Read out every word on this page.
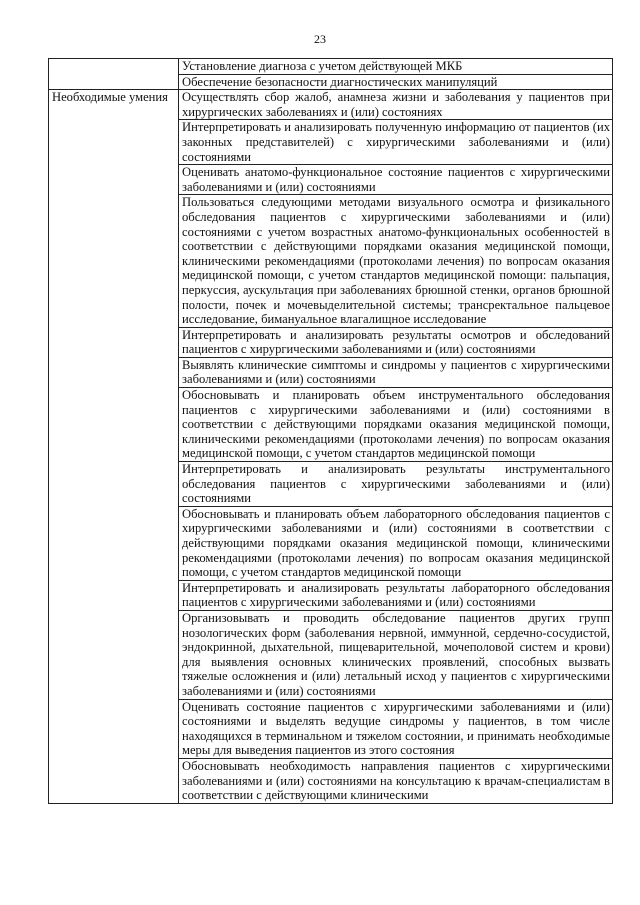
23
	Установление диагноза с учетом действующей МКБ
	Обеспечение безопасности диагностических манипуляций
Необходимые умения	Осуществлять сбор жалоб, анамнеза жизни и заболевания у пациентов при хирургических заболеваниях и (или) состояниях
	Интерпретировать и анализировать полученную информацию от пациентов (их законных представителей) с хирургическими заболеваниями и (или) состояниями
	Оценивать анатомо-функциональное состояние пациентов с хирургическими заболеваниями и (или) состояниями
	Пользоваться следующими методами визуального осмотра и физикального обследования пациентов с хирургическими заболеваниями и (или) состояниями с учетом возрастных анатомо-функциональных особенностей в соответствии с действующими порядками оказания медицинской помощи, клиническими рекомендациями (протоколами лечения) по вопросам оказания медицинской помощи, с учетом стандартов медицинской помощи: пальпация, перкуссия, аускультация при заболеваниях брюшной стенки, органов брюшной полости, почек и мочевыделительной системы; трансректальное пальцевое исследование, бимануальное влагалищное исследование
	Интерпретировать и анализировать результаты осмотров и обследований пациентов с хирургическими заболеваниями и (или) состояниями
	Выявлять клинические симптомы и синдромы у пациентов с хирургическими заболеваниями и (или) состояниями
	Обосновывать и планировать объем инструментального обследования пациентов с хирургическими заболеваниями и (или) состояниями в соответствии с действующими порядками оказания медицинской помощи, клиническими рекомендациями (протоколами лечения) по вопросам оказания медицинской помощи, с учетом стандартов медицинской помощи
	Интерпретировать и анализировать результаты инструментального обследования пациентов с хирургическими заболеваниями и (или) состояниями
	Обосновывать и планировать объем лабораторного обследования пациентов с хирургическими заболеваниями и (или) состояниями в соответствии с действующими порядками оказания медицинской помощи, клиническими рекомендациями (протоколами лечения) по вопросам оказания медицинской помощи, с учетом стандартов медицинской помощи
	Интерпретировать и анализировать результаты лабораторного обследования пациентов с хирургическими заболеваниями и (или) состояниями
	Организовывать и проводить обследование пациентов других групп нозологических форм (заболевания нервной, иммунной, сердечно-сосудистой, эндокринной, дыхательной, пищеварительной, мочеполовой систем и крови) для выявления основных клинических проявлений, способных вызвать тяжелые осложнения и (или) летальный исход у пациентов с хирургическими заболеваниями и (или) состояниями
	Оценивать состояние пациентов с хирургическими заболеваниями и (или) состояниями и выделять ведущие синдромы у пациентов, в том числе находящихся в терминальном и тяжелом состоянии, и принимать необходимые меры для выведения пациентов из этого состояния
	Обосновывать необходимость направления пациентов с хирургическими заболеваниями и (или) состояниями на консультацию к врачам-специалистам в соответствии с действующими клиническими
